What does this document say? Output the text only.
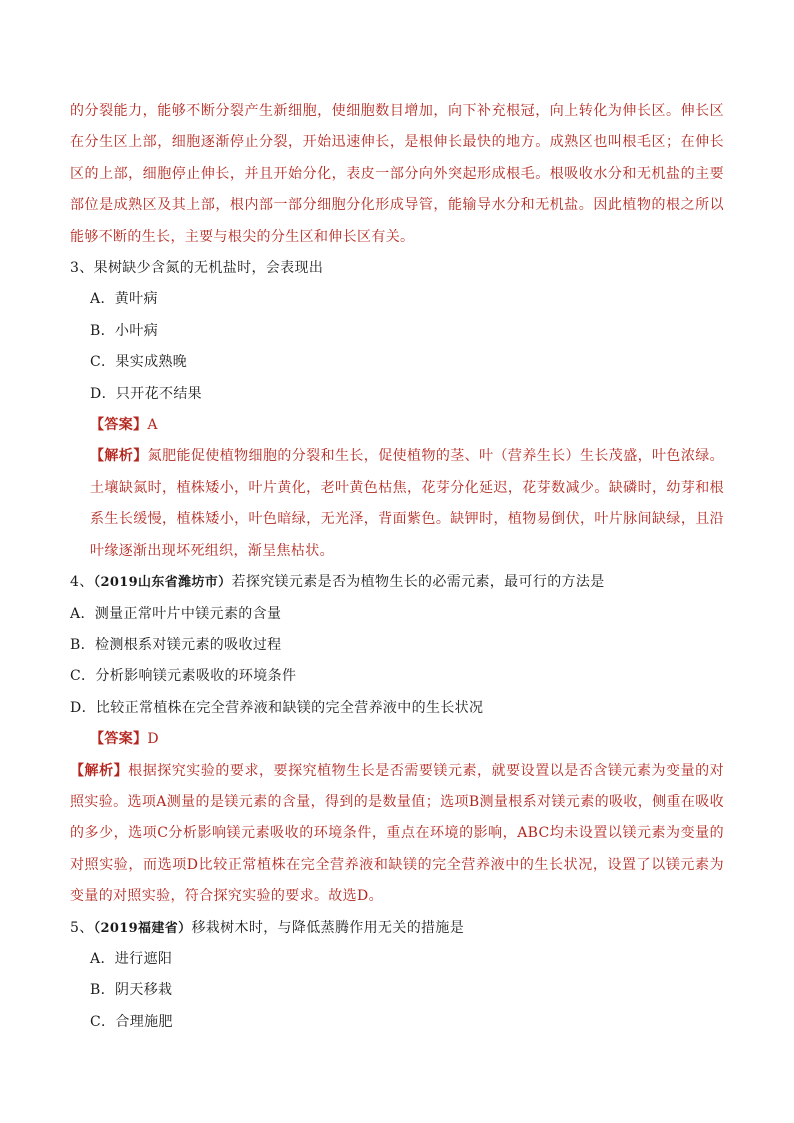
的分裂能力，能够不断分裂产生新细胞，使细胞数目增加，向下补充根冠，向上转化为伸长区。伸长区在分生区上部，细胞逐渐停止分裂，开始迅速伸长，是根伸长最快的地方。成熟区也叫根毛区；在伸长区的上部，细胞停止伸长，并且开始分化，表皮一部分向外突起形成根毛。根吸收水分和无机盐的主要部位是成熟区及其上部，根内部一部分细胞分化形成导管，能输导水分和无机盐。因此植物的根之所以能够不断的生长，主要与根尖的分生区和伸长区有关。

3、果树缺少含氮的无机盐时，会表现出

A．黄叶病

B．小叶病

C．果实成熟晚

D．只开花不结果

【答案】A

【解析】氮肥能促使植物细胞的分裂和生长，促使植物的茎、叶（营养生长）生长茂盛，叶色浓绿。土壤缺氮时，植株矮小，叶片黄化，老叶黄色枯焦，花芽分化延迟，花芽数减少。缺磷时，幼芽和根系生长缓慢，植株矮小，叶色暗绿，无光泽，背面紫色。缺钾时，植物易倒伏，叶片脉间缺绿，且沿叶缘逐渐出现坏死组织，渐呈焦枯状。

4、（2019山东省潍坊市）若探究镁元素是否为植物生长的必需元素，最可行的方法是

A．测量正常叶片中镁元素的含量

B．检测根系对镁元素的吸收过程

C．分析影响镁元素吸收的环境条件

D．比较正常植株在完全营养液和缺镁的完全营养液中的生长状况

【答案】D

【解析】根据探究实验的要求，要探究植物生长是否需要镁元素，就要设置以是否含镁元素为变量的对照实验。选项A测量的是镁元素的含量，得到的是数量值；选项B测量根系对镁元素的吸收，侧重在吸收的多少，选项C分析影响镁元素吸收的环境条件，重点在环境的影响，ABC均未设置以镁元素为变量的对照实验，而选项D比较正常植株在完全营养液和缺镁的完全营养液中的生长状况，设置了以镁元素为变量的对照实验，符合探究实验的要求。故选D。

5、（2019福建省）移栽树木时，与降低蒸腾作用无关的措施是

A．进行遮阳

B．阴天移栽

C．合理施肥
